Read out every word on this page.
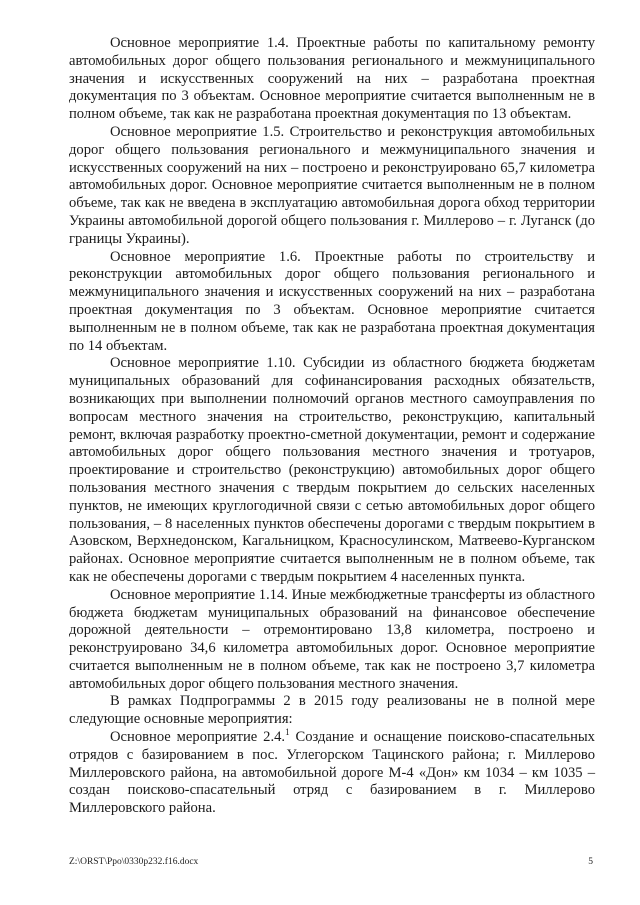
Основное мероприятие 1.4. Проектные работы по капитальному ремонту автомобильных дорог общего пользования регионального и межмуниципального значения и искусственных сооружений на них – разработана проектная документация по 3 объектам. Основное мероприятие считается выполненным не в полном объеме, так как не разработана проектная документация по 13 объектам.

Основное мероприятие 1.5. Строительство и реконструкция автомобильных дорог общего пользования регионального и межмуниципального значения и искусственных сооружений на них – построено и реконструировано 65,7 километра автомобильных дорог. Основное мероприятие считается выполненным не в полном объеме, так как не введена в эксплуатацию автомобильная дорога обход территории Украины автомобильной дорогой общего пользования г. Миллерово – г. Луганск (до границы Украины).

Основное мероприятие 1.6. Проектные работы по строительству и реконструкции автомобильных дорог общего пользования регионального и межмуниципального значения и искусственных сооружений на них – разработана проектная документация по 3 объектам. Основное мероприятие считается выполненным не в полном объеме, так как не разработана проектная документация по 14 объектам.

Основное мероприятие 1.10. Субсидии из областного бюджета бюджетам муниципальных образований для софинансирования расходных обязательств, возникающих при выполнении полномочий органов местного самоуправления по вопросам местного значения на строительство, реконструкцию, капитальный ремонт, включая разработку проектно-сметной документации, ремонт и содержание автомобильных дорог общего пользования местного значения и тротуаров, проектирование и строительство (реконструкцию) автомобильных дорог общего пользования местного значения с твердым покрытием до сельских населенных пунктов, не имеющих круглогодичной связи с сетью автомобильных дорог общего пользования, – 8 населенных пунктов обеспечены дорогами с твердым покрытием в Азовском, Верхнедонском, Кагальницком, Красносулинском, Матвеево-Курганском районах. Основное мероприятие считается выполненным не в полном объеме, так как не обеспечены дорогами с твердым покрытием 4 населенных пункта.

Основное мероприятие 1.14. Иные межбюджетные трансферты из областного бюджета бюджетам муниципальных образований на финансовое обеспечение дорожной деятельности – отремонтировано 13,8 километра, построено и реконструировано 34,6 километра автомобильных дорог. Основное мероприятие считается выполненным не в полном объеме, так как не построено 3,7 километра автомобильных дорог общего пользования местного значения.

В рамках Подпрограммы 2 в 2015 году реализованы не в полной мере следующие основные мероприятия:

Основное мероприятие 2.4.$^1$ Создание и оснащение поисково-спасательных отрядов с базированием в пос. Углегорском Тацинского района; г. Миллерово Миллеровского района, на автомобильной дороге М-4 «Дон» км 1034 – км 1035 – создан поисково-спасательный отряд с базированием в г. Миллерово Миллеровского района.

Z:\ORST\Ppo\0330p232.f16.docx	5
